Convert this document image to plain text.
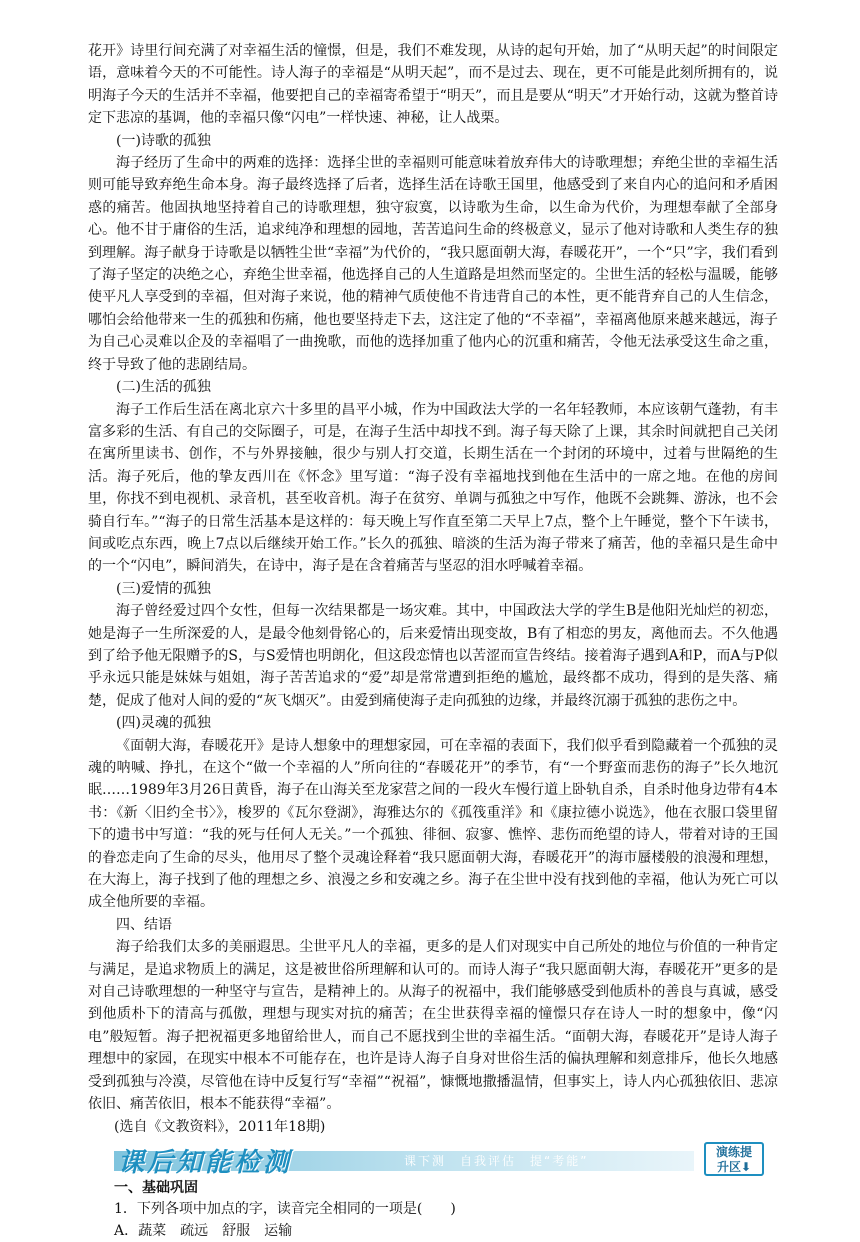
花开》诗里行间充满了对幸福生活的憧憬，但是，我们不难发现，从诗的起句开始，加了“从明天起”的时间限定语，意味着今天的不可能性。诗人海子的幸福是“从明天起”，而不是过去、现在，更不可能是此刻所拥有的，说明海子今天的生活并不幸福，他要把自己的幸福寄希望于“明天”，而且是要从“明天”才开始行动，这就为整首诗定下悲凉的基调，他的幸福只像“闪电”一样快速、神秘，让人战栗。

(一)诗歌的孤独

海子经历了生命中的两难的选择：选择尘世的幸福则可能意味着放弃伟大的诗歌理想；弃绝尘世的幸福生活则可能导致弃绝生命本身。海子最终选择了后者，选择生活在诗歌王国里，他感受到了来自内心的追问和矛盾困惑的痛苦。他固执地坚持着自己的诗歌理想，独守寂寞，以诗歌为生命，以生命为代价，为理想奉献了全部身心。他不甘于庸俗的生活，追求纯净和理想的园地，苦苦追问生命的终极意义，显示了他对诗歌和人类生存的独到理解。海子献身于诗歌是以牺牲尘世“幸福”为代价的，“我只愿面朝大海，春暖花开”，一个“只”字，我们看到了海子坚定的决绝之心，弃绝尘世幸福，他选择自己的人生道路是坦然而坚定的。尘世生活的轻松与温暖，能够使平凡人享受到的幸福，但对海子来说，他的精神气质使他不肯违背自己的本性，更不能背弃自己的人生信念，哪怕会给他带来一生的孤独和伤痛，他也要坚持走下去，这注定了他的“不幸福”，幸福离他原来越来越远，海子为自己心灵难以企及的幸福唱了一曲挽歌，而他的选择加重了他内心的沉重和痛苦，令他无法承受这生命之重，终于导致了他的悲剧结局。

(二)生活的孤独

海子工作后生活在离北京六十多里的昌平小城，作为中国政法大学的一名年轻教师，本应该朝气蓬勃，有丰富多彩的生活、有自己的交际圈子，可是，在海子生活中却找不到。海子每天除了上课，其余时间就把自己关闭在寓所里读书、创作，不与外界接触，很少与别人打交道，长期生活在一个封闭的环境中，过着与世隔绝的生活。海子死后，他的挚友西川在《怀念》里写道：“海子没有幸福地找到他在生活中的一席之地。在他的房间里，你找不到电视机、录音机，甚至收音机。海子在贫穷、单调与孤独之中写作，他既不会跳舞、游泳，也不会骑自行车。”“海子的日常生活基本是这样的：每天晚上写作直至第二天早上7点，整个上午睡觉，整个下午读书，间或吃点东西，晚上7点以后继续开始工作。”长久的孤独、暗淡的生活为海子带来了痛苦，他的幸福只是生命中的一个“闪电”，瞬间消失，在诗中，海子是在含着痛苦与坚忍的泪水呼喊着幸福。

(三)爱情的孤独

海子曾经爱过四个女性，但每一次结果都是一场灾难。其中，中国政法大学的学生B是他阳光灿烂的初恋，她是海子一生所深爱的人，是最令他刻骨铭心的，后来爱情出现变故，B有了相恋的男友，离他而去。不久他遇到了给予他无限赠予的S，与S爱情也明朗化，但这段恋情也以苦涩而宣告终结。接着海子遇到A和P，而A与P似乎永远只能是妹妹与姐姐，海子苦苦追求的“爱”却是常常遭到拒绝的尴尬，最终都不成功，得到的是失落、痛楚，促成了他对人间的爱的“灰飞烟灭”。由爱到痛使海子走向孤独的边缘，并最终沉溺于孤独的悲伤之中。

(四)灵魂的孤独

《面朝大海，春暖花开》是诗人想象中的理想家园，可在幸福的表面下，我们似乎看到隐藏着一个孤独的灵魂的呐喊、挣扎，在这个“做一个幸福的人”所向往的“春暖花开”的季节，有“一个野蛮而悲伤的海子”长久地沉眠……1989年3月26日黄昏，海子在山海关至龙家营之间的一段火车慢行道上卧轨自杀，自杀时他身边带有4本书：《新〈旧约全书〉》，梭罗的《瓦尔登湖》，海雅达尔的《孤筏重洋》和《康拉德小说选》，他在衣服口袋里留下的遗书中写道：“我的死与任何人无关。”一个孤独、徘徊、寂寥、憔悴、悲伤而绝望的诗人，带着对诗的王国的眷恋走向了生命的尽头，他用尽了整个灵魂诠释着“我只愿面朝大海，春暖花开”的海市蜃楼般的浪漫和理想，在大海上，海子找到了他的理想之乡、浪漫之乡和安魂之乡。海子在尘世中没有找到他的幸福，他认为死亡可以成全他所要的幸福。

四、结语

海子给我们太多的美丽遐思。尘世平凡人的幸福，更多的是人们对现实中自己所处的地位与价值的一种肯定与满足，是追求物质上的满足，这是被世俗所理解和认可的。而诗人海子“我只愿面朝大海，春暖花开”更多的是对自己诗歌理想的一种坚守与宣告，是精神上的。从海子的祝福中，我们能够感受到他质朴的善良与真诚，感受到他质朴下的清高与孤傲，理想与现实对抗的痛苦；在尘世获得幸福的憧憬只存在诗人一时的想象中，像“闪电”般短暂。海子把祝福更多地留给世人，而自己不愿找到尘世的幸福生活。“面朝大海，春暖花开”是诗人海子理想中的家园，在现实中根本不可能存在，也许是诗人海子自身对世俗生活的偏执理解和刻意排斥，他长久地感受到孤独与冷漠，尽管他在诗中反复行写“幸福”“祝福”，慷慨地撒播温情，但事实上，诗人内心孤独依旧、悲凉依旧、痛苦依旧，根本不能获得“幸福”。

(选自《文教资料》，2011年18期)

课后知能检测	课下测　自我评估　提“考能”
演练提
升区⬇

一、基础巩固

1．下列各项中加点的字，读音完全相同的一项是(　　)

A．蔬菜　疏远　舒服　运输
